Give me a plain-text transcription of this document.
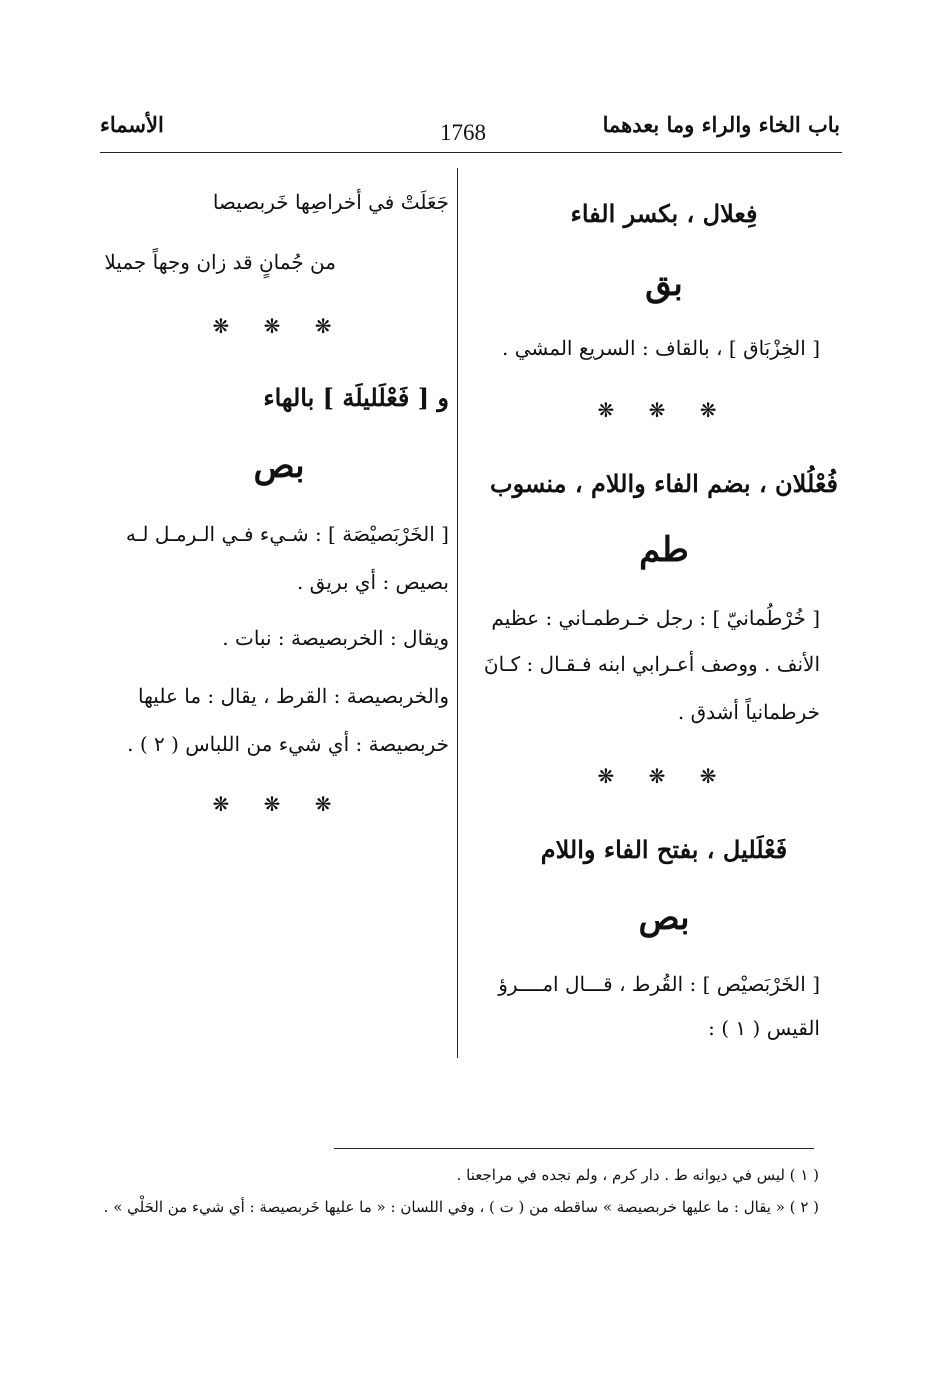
باب الخاء والراء وما بعدهما
1768
الأسماء
فِعلال ، بكسر الفاء
بق
[ الخِزْبَاق ] ، بالقاف : السريع المشي .
❋ ❋ ❋
فُعْلُلان ، بضم الفاء واللام ، منسوب
طم
[ خُرْطُمانيّ ] : رجل خـرطمـاني : عظيم
الأنف . ووصف أعـرابي ابنه فـقـال : كـانَ
خرطمانياً أشدق .
❋ ❋ ❋
فَعْلَليل ، بفتح الفاء واللام
بص
[ الخَرْبَصيْص ] : القُرط ، قـــال امــــرؤ
القيس ( ١ ) :
جَعَلَتْ في أخراصِها خَربصيصا
من جُمانٍ قد زان وجهاً جميلا
❋ ❋ ❋
و [ فَعْلَليلَة ] بالهاء
بص
[ الخَرْبَصيْصَة ] : شـيء فـي الـرمـل لـه
بصيص : أي بريق .
ويقال : الخربصيصة : نبات .
والخربصيصة : القرط ، يقال : ما عليها
خربصيصة : أي شيء من اللباس ( ٢ ) .
❋ ❋ ❋
( ١ ) ليس في ديوانه ط . دار كرم ، ولم نجده في مراجعنا .
( ٢ ) « يقال : ما عليها خربصيصة » ساقطه من ( ت ) ، وفي اللسان : « ما عليها خَربصيصة : أي شيء من الحَلْي » .
